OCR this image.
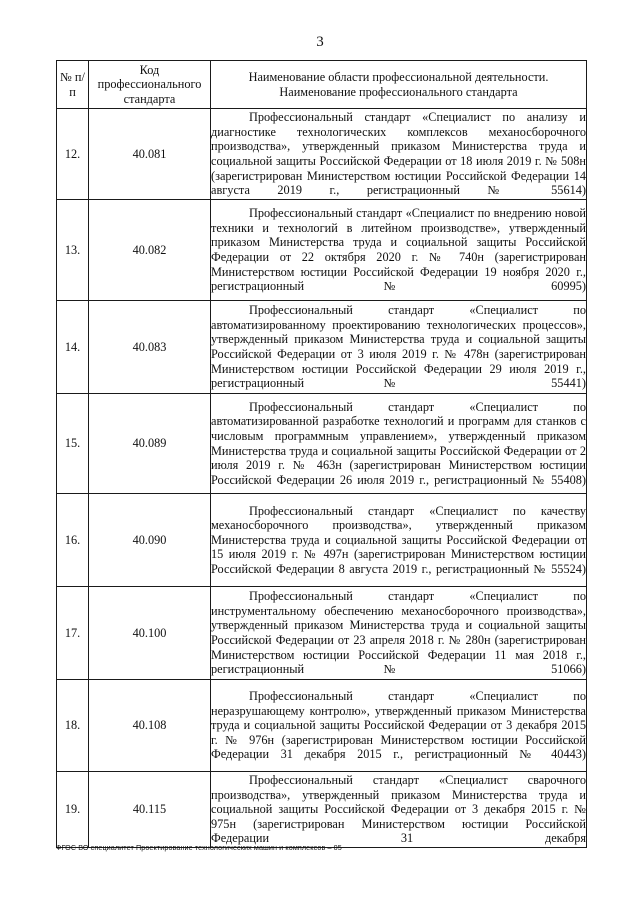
3
№ п/п	Код профессионального стандарта	Наименование области профессиональной деятельности. Наименование профессионального стандарта
12.	40.081	Профессиональный стандарт «Специалист по анализу и диагностике технологических комплексов механосборочного производства», утвержденный приказом Министерства труда и социальной защиты Российской Федерации от 18 июля 2019 г. № 508н (зарегистрирован Министерством юстиции Российской Федерации 14 августа 2019 г., регистрационный № 55614)
13.	40.082	Профессиональный стандарт «Специалист по внедрению новой техники и технологий в литейном производстве», утвержденный приказом Министерства труда и социальной защиты Российской Федерации от 22 октября 2020 г. № 740н (зарегистрирован Министерством юстиции Российской Федерации 19 ноября 2020 г., регистрационный № 60995)
14.	40.083	Профессиональный стандарт «Специалист по автоматизированному проектированию технологических процессов», утвержденный приказом Министерства труда и социальной защиты Российской Федерации от 3 июля 2019 г. № 478н (зарегистрирован Министерством юстиции Российской Федерации 29 июля 2019 г., регистрационный № 55441)
15.	40.089	Профессиональный стандарт «Специалист по автоматизированной разработке технологий и программ для станков с числовым программным управлением», утвержденный приказом Министерства труда и социальной защиты Российской Федерации от 2 июля 2019 г. № 463н (зарегистрирован Министерством юстиции Российской Федерации 26 июля 2019 г., регистрационный № 55408)
16.	40.090	Профессиональный стандарт «Специалист по качеству механосборочного производства», утвержденный приказом Министерства труда и социальной защиты Российской Федерации от 15 июля 2019 г. № 497н (зарегистрирован Министерством юстиции Российской Федерации 8 августа 2019 г., регистрационный № 55524)
17.	40.100	Профессиональный стандарт «Специалист по инструментальному обеспечению механосборочного производства», утвержденный приказом Министерства труда и социальной защиты Российской Федерации от 23 апреля 2018 г. № 280н (зарегистрирован Министерством юстиции Российской Федерации 11 мая 2018 г., регистрационный № 51066)
18.	40.108	Профессиональный стандарт «Специалист по неразрушающему контролю», утвержденный приказом Министерства труда и социальной защиты Российской Федерации от 3 декабря 2015 г. № 976н (зарегистрирован Министерством юстиции Российской Федерации 31 декабря 2015 г., регистрационный № 40443)
19.	40.115	Профессиональный стандарт «Специалист сварочного производства», утвержденный приказом Министерства труда и социальной защиты Российской Федерации от 3 декабря 2015 г. № 975н (зарегистрирован Министерством юстиции Российской Федерации 31 декабря
ФГОС ВО специалитет Проектирование технологических машин и комплексов – 05
